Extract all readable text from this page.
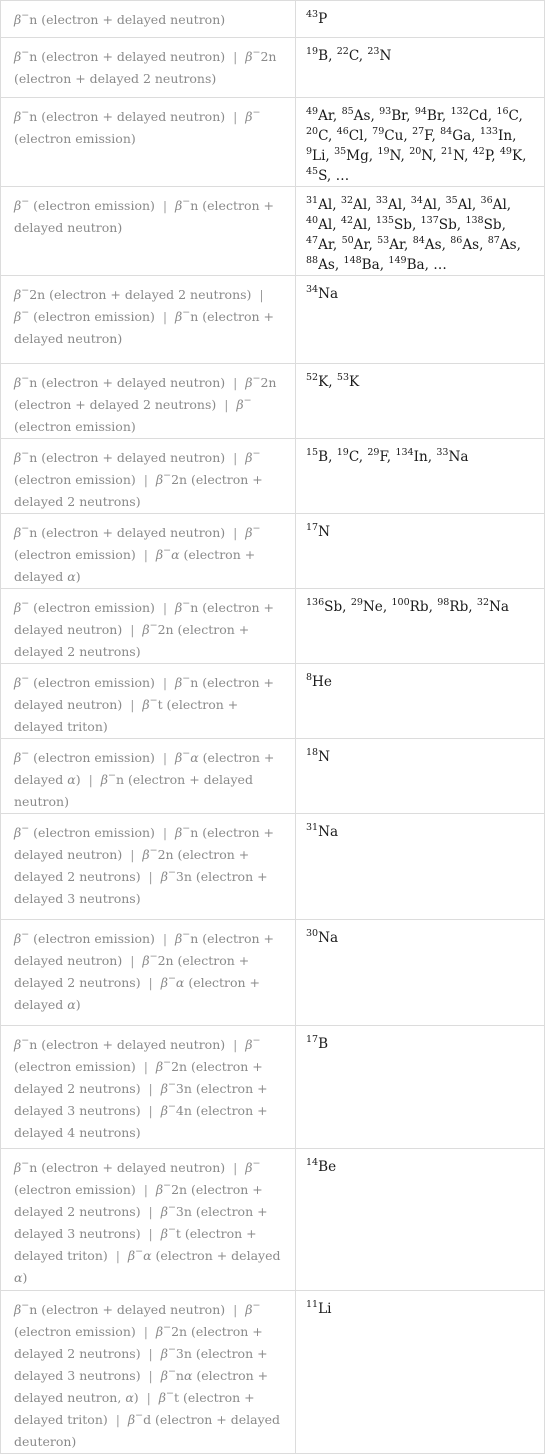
β−n (electron + delayed neutron)	$^{43}$P
β−n (electron + delayed neutron)  | β−2n (electron + delayed 2 neutrons)	$^{19}$B, $^{22}$C, $^{23}$N
β−n (electron + delayed neutron)  | β− (electron emission)	$^{49}$Ar, $^{85}$As, $^{93}$Br, $^{94}$Br, $^{132}$Cd, $^{16}$C, $^{20}$C, $^{46}$Cl, $^{79}$Cu, $^{27}$F, $^{84}$Ga, $^{133}$In, $^9$Li, $^{35}$Mg, $^{19}$N, $^{20}$N, $^{21}$N, $^{42}$P, $^{49}$K, $^{45}$S, …
β− (electron emission)  | β−n (electron + delayed neutron)	$^{31}$Al, $^{32}$Al, $^{33}$Al, $^{34}$Al, $^{35}$Al, $^{36}$Al, $^{40}$Al, $^{42}$Al, $^{135}$Sb, $^{137}$Sb, $^{138}$Sb, $^{47}$Ar, $^{50}$Ar, $^{53}$Ar, $^{84}$As, $^{86}$As, $^{87}$As, $^{88}$As, $^{148}$Ba, $^{149}$Ba, …
β−2n (electron + delayed 2 neutrons)  |  β− (electron emission)  | β−n (electron + delayed neutron)	$^{34}$Na
β−n (electron + delayed neutron)  | β−2n (electron + delayed 2 neutrons)  | β− (electron emission)	$^{52}$K, $^{53}$K
β−n (electron + delayed neutron)  | β− (electron emission)  | β−2n (electron + delayed 2 neutrons)	$^{15}$B, $^{19}$C, $^{29}$F, $^{134}$In, $^{33}$Na
β−n (electron + delayed neutron)  | β− (electron emission)  | β−α (electron + delayed α)	$^{17}$N
β− (electron emission)  | β−n (electron + delayed neutron)  | β−2n (electron + delayed 2 neutrons)	$^{136}$Sb, $^{29}$Ne, $^{100}$Rb, $^{98}$Rb, $^{32}$Na
β− (electron emission)  | β−n (electron + delayed neutron)  | β−t (electron + delayed triton)	$^8$He
β− (electron emission)  | β−α (electron + delayed α)  | β−n (electron + delayed neutron)	$^{18}$N
β− (electron emission)  | β−n (electron + delayed neutron)  | β−2n (electron + delayed 2 neutrons)  | β−3n (electron + delayed 3 neutrons)	$^{31}$Na
β− (electron emission)  | β−n (electron + delayed neutron)  | β−2n (electron + delayed 2 neutrons)  | β−α (electron + delayed α)	$^{30}$Na
β−n (electron + delayed neutron)  | β− (electron emission)  | β−2n (electron + delayed 2 neutrons)  | β−3n (electron + delayed 3 neutrons)  | β−4n (electron + delayed 4 neutrons)	$^{17}$B
β−n (electron + delayed neutron)  | β− (electron emission)  | β−2n (electron + delayed 2 neutrons)  | β−3n (electron + delayed 3 neutrons)  | β−t (electron + delayed triton)  | β−α (electron + delayed α)	$^{14}$Be
β−n (electron + delayed neutron)  | β− (electron emission)  | β−2n (electron + delayed 2 neutrons)  | β−3n (electron + delayed 3 neutrons)  | β−nα (electron + delayed neutron, α)  | β−t (electron + delayed triton)  | β−d (electron + delayed deuteron)	$^{11}$Li
